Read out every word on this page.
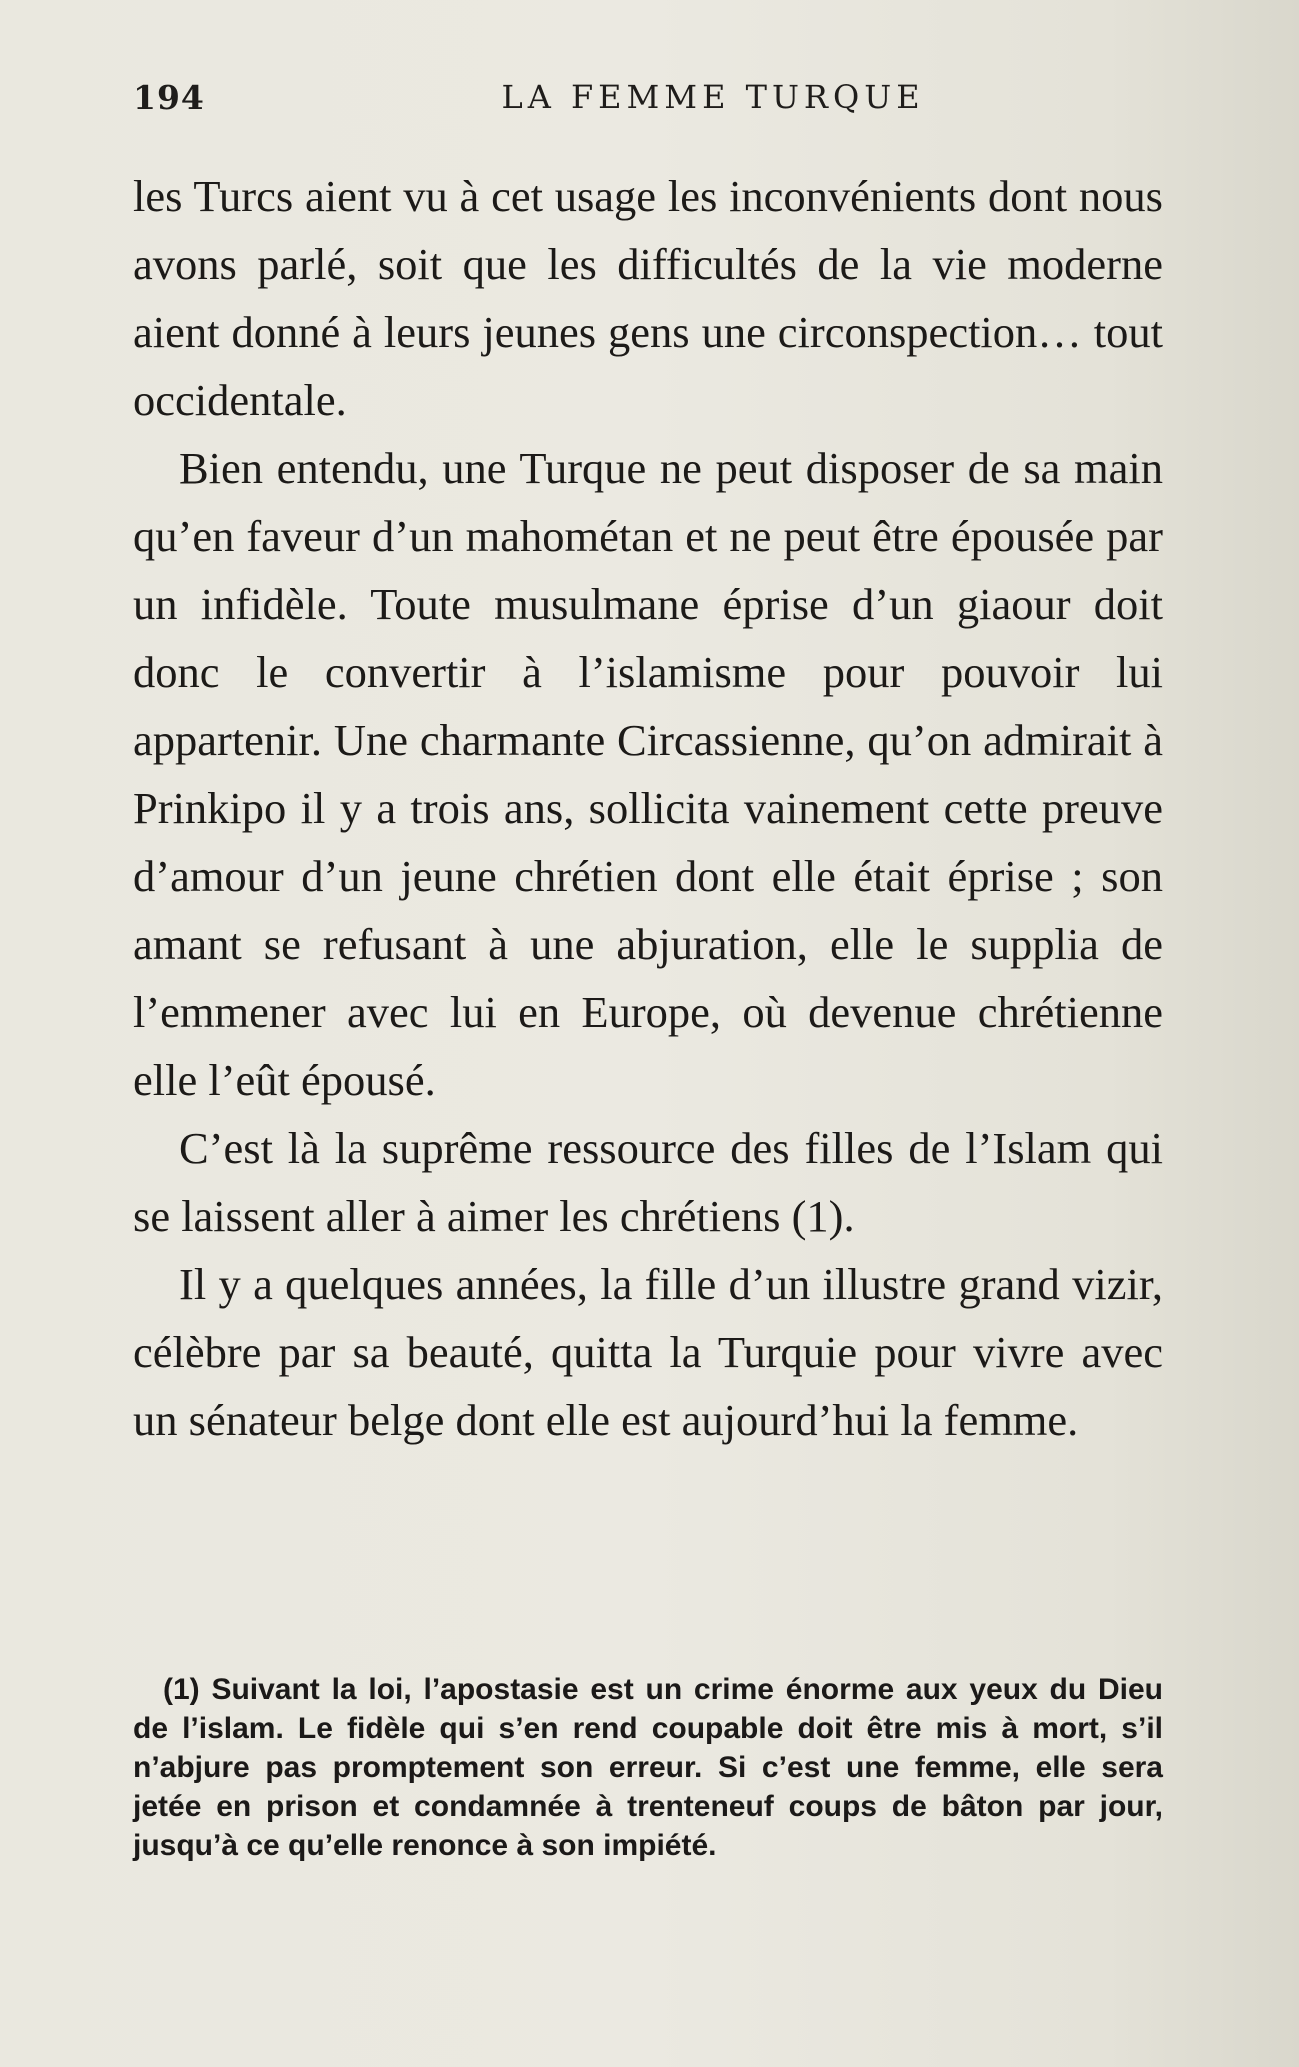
194	LA FEMME TURQUE

les Turcs aient vu à cet usage les inconvénients dont nous avons parlé, soit que les difficultés de la vie moderne aient donné à leurs jeunes gens une circonspection… tout occidentale.

Bien entendu, une Turque ne peut disposer de sa main qu’en faveur d’un mahométan et ne peut être épousée par un infidèle. Toute musulmane éprise d’un giaour doit donc le convertir à l’islamisme pour pouvoir lui appartenir. Une charmante Circassienne, qu’on admirait à Prinkipo il y a trois ans, sollicita vainement cette preuve d’amour d’un jeune chrétien dont elle était éprise ; son amant se refusant à une abjuration, elle le supplia de l’emmener avec lui en Europe, où devenue chrétienne elle l’eût épousé.

C’est là la suprême ressource des filles de l’Islam qui se laissent aller à aimer les chrétiens (1).

Il y a quelques années, la fille d’un illustre grand vizir, célèbre par sa beauté, quitta la Turquie pour vivre avec un sénateur belge dont elle est aujourd’hui la femme.

(1) Suivant la loi, l’apostasie est un crime énorme aux yeux du Dieu de l’islam. Le fidèle qui s’en rend coupable doit être mis à mort, s’il n’abjure pas promptement son erreur. Si c’est une femme, elle sera jetée en prison et condamnée à trenteneuf coups de bâton par jour, jusqu’à ce qu’elle renonce à son impiété.
